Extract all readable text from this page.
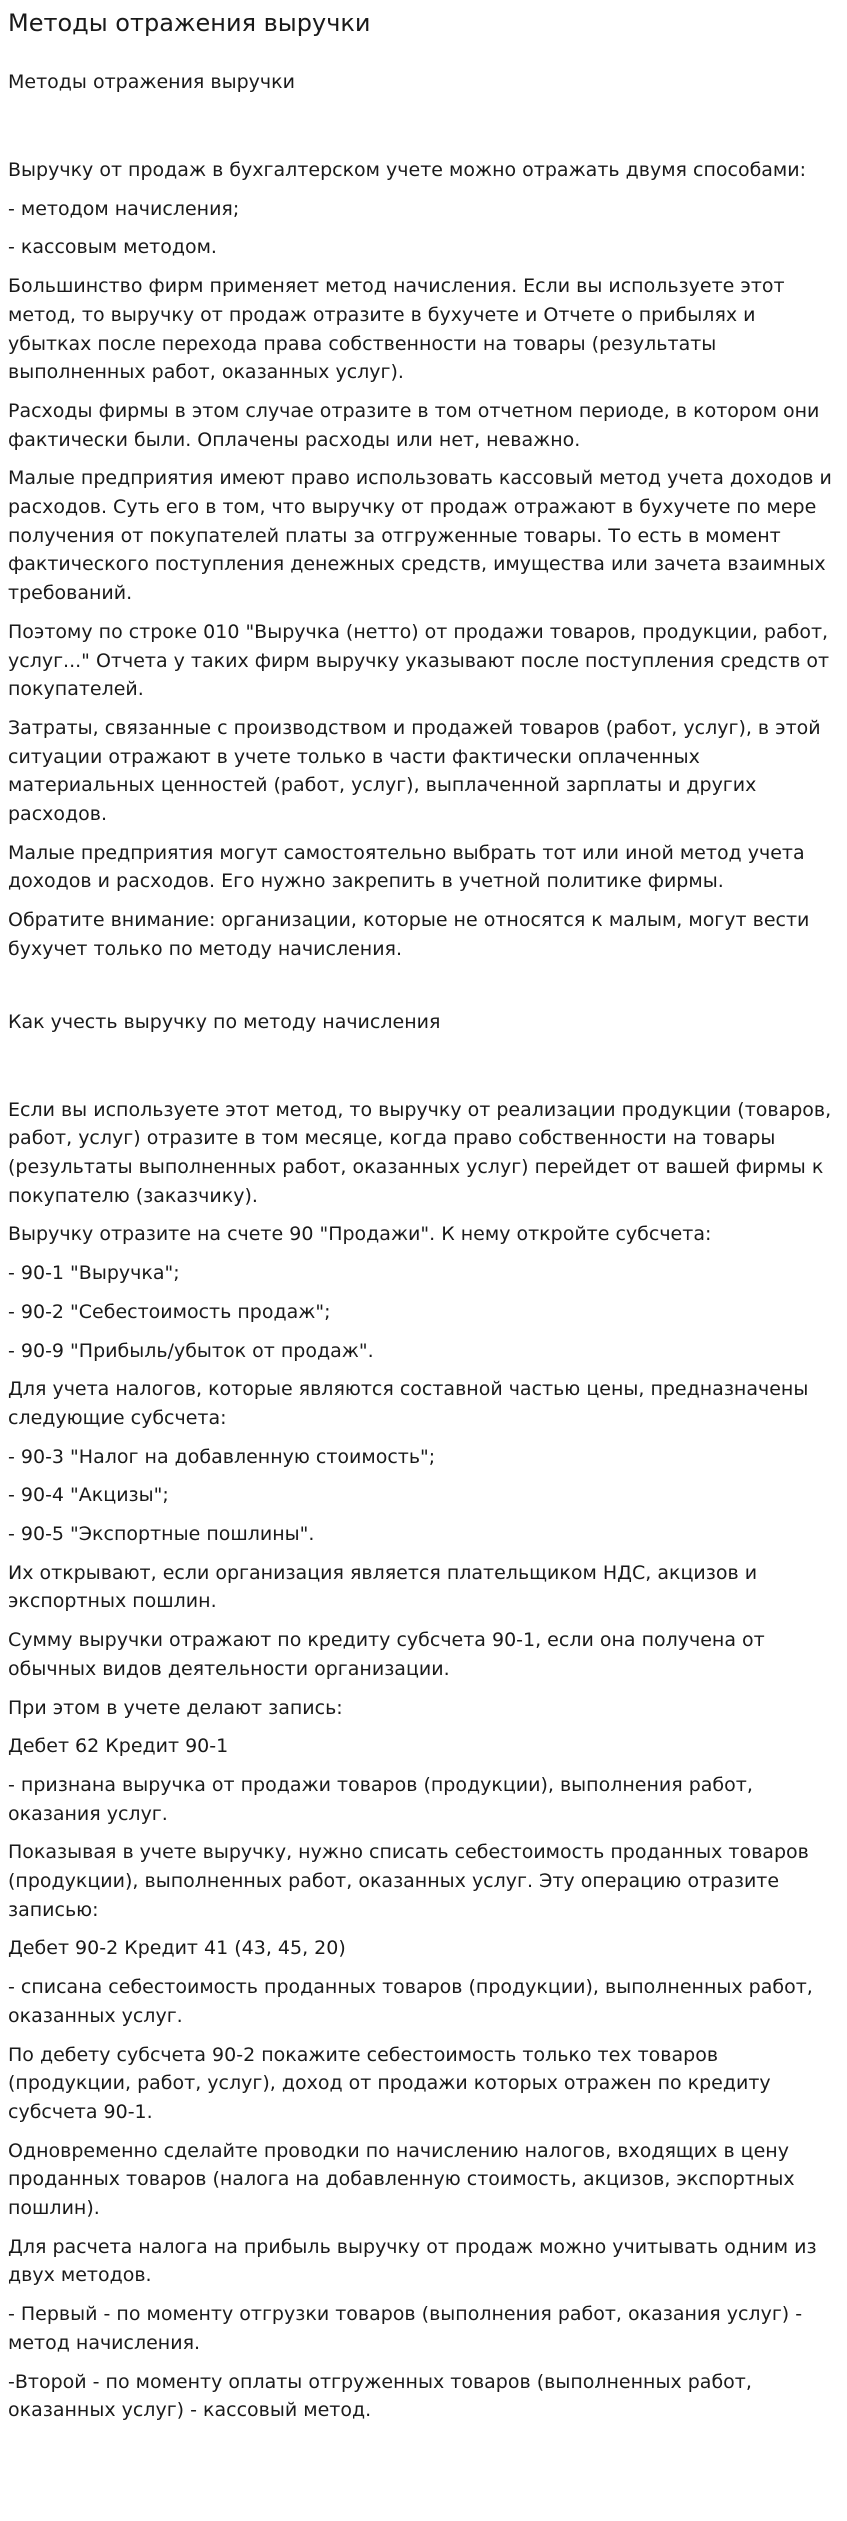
Методы отражения выручки
Методы отражения выручки

Выручку от продаж в бухгалтерском учете можно отражать двумя способами:

- методом начисления;

- кассовым методом.

Большинство фирм применяет метод начисления. Если вы используете этот метод, то выручку от продаж отразите в бухучете и Отчете о прибылях и убытках после перехода права собственности на товары (результаты выполненных работ, оказанных услуг).

Расходы фирмы в этом случае отразите в том отчетном периоде, в котором они фактически были. Оплачены расходы или нет, неважно.

Малые предприятия имеют право использовать кассовый метод учета доходов и расходов. Суть его в том, что выручку от продаж отражают в бухучете по мере получения от покупателей платы за отгруженные товары. То есть в момент фактического поступления денежных средств, имущества или зачета взаимных требований.

Поэтому по строке 010 "Выручка (нетто) от продажи товаров, продукции, работ, услуг..." Отчета у таких фирм выручку указывают после поступления средств от покупателей.

Затраты, связанные с производством и продажей товаров (работ, услуг), в этой ситуации отражают в учете только в части фактически оплаченных материальных ценностей (работ, услуг), выплаченной зарплаты и других расходов.

Малые предприятия могут самостоятельно выбрать тот или иной метод учета доходов и расходов. Его нужно закрепить в учетной политике фирмы.

Обратите внимание: организации, которые не относятся к малым, могут вести бухучет только по методу начисления.

Как учесть выручку по методу начисления

Если вы используете этот метод, то выручку от реализации продукции (товаров, работ, услуг) отразите в том месяце, когда право собственности на товары (результаты выполненных работ, оказанных услуг) перейдет от вашей фирмы к покупателю (заказчику).

Выручку отразите на счете 90 "Продажи". К нему откройте субсчета:

- 90-1 "Выручка";

- 90-2 "Себестоимость продаж";

- 90-9 "Прибыль/убыток от продаж".

Для учета налогов, которые являются составной частью цены, предназначены следующие субсчета:

- 90-3 "Налог на добавленную стоимость";

- 90-4 "Акцизы";

- 90-5 "Экспортные пошлины".

Их открывают, если организация является плательщиком НДС, акцизов и экспортных пошлин.

Сумму выручки отражают по кредиту субсчета 90-1, если она получена от обычных видов деятельности организации.

При этом в учете делают запись:

Дебет 62 Кредит 90-1

- признана выручка от продажи товаров (продукции), выполнения работ, оказания услуг.

Показывая в учете выручку, нужно списать себестоимость проданных товаров (продукции), выполненных работ, оказанных услуг. Эту операцию отразите записью:

Дебет 90-2 Кредит 41 (43, 45, 20)

- списана себестоимость проданных товаров (продукции), выполненных работ, оказанных услуг.

По дебету субсчета 90-2 покажите себестоимость только тех товаров (продукции, работ, услуг), доход от продажи которых отражен по кредиту субсчета 90-1.

Одновременно сделайте проводки по начислению налогов, входящих в цену проданных товаров (налога на добавленную стоимость, акцизов, экспортных пошлин).

Для расчета налога на прибыль выручку от продаж можно учитывать одним из двух методов.

- Первый - по моменту отгрузки товаров (выполнения работ, оказания услуг) - метод начисления.

-Второй - по моменту оплаты отгруженных товаров (выполненных работ, оказанных услуг) - кассовый метод.
